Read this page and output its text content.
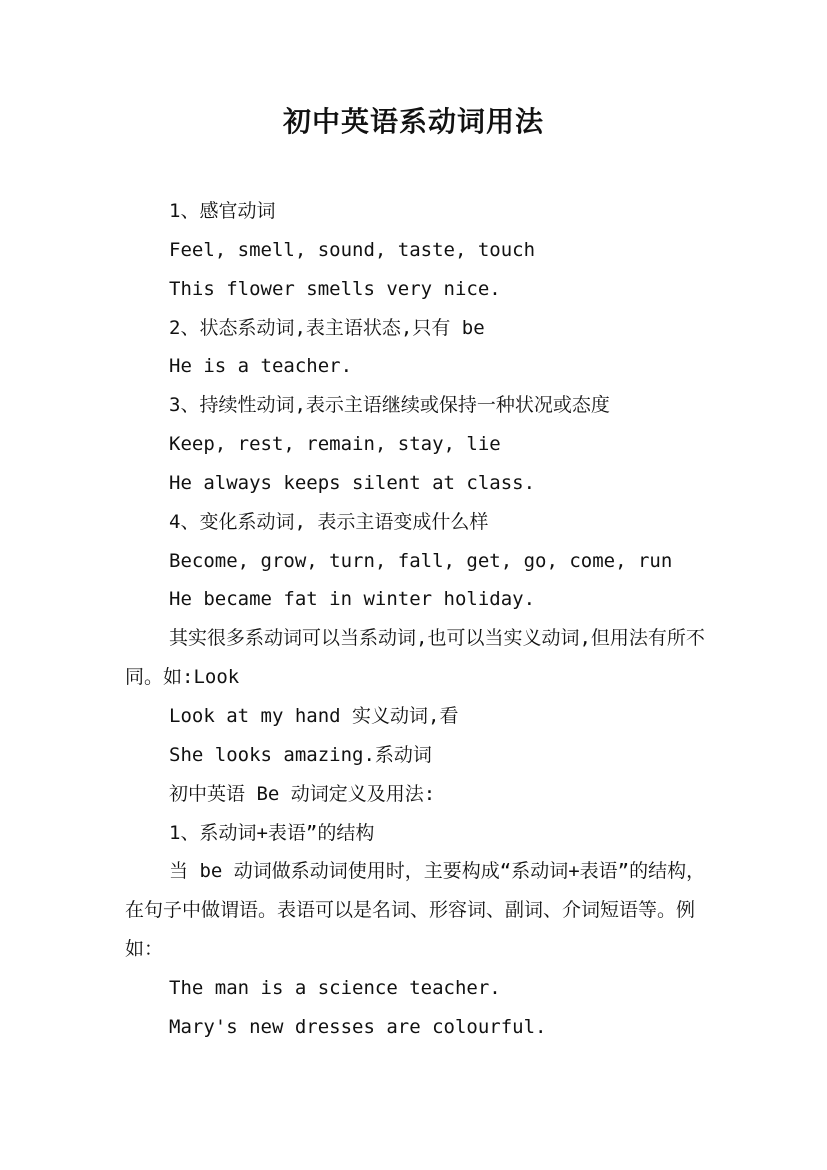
初中英语系动词用法
1、感官动词
Feel, smell, sound, taste, touch
This flower smells very nice.
2、状态系动词,表主语状态,只有 be
He is a teacher.
3、持续性动词,表示主语继续或保持一种状况或态度
Keep, rest, remain, stay, lie
He always keeps silent at class.
4、变化系动词, 表示主语变成什么样
Become, grow, turn, fall, get, go, come, run
He became fat in winter holiday.
其实很多系动词可以当系动词,也可以当实义动词,但用法有所不同。如:Look
Look at my hand 实义动词,看
She looks amazing.系动词
初中英语 Be 动词定义及用法:
1、系动词+表语”的结构
当 be 动词做系动词使用时，主要构成“系动词+表语”的结构，在句子中做谓语。表语可以是名词、形容词、副词、介词短语等。例如：
The man is a science teacher.
Mary's new dresses are colourful.
